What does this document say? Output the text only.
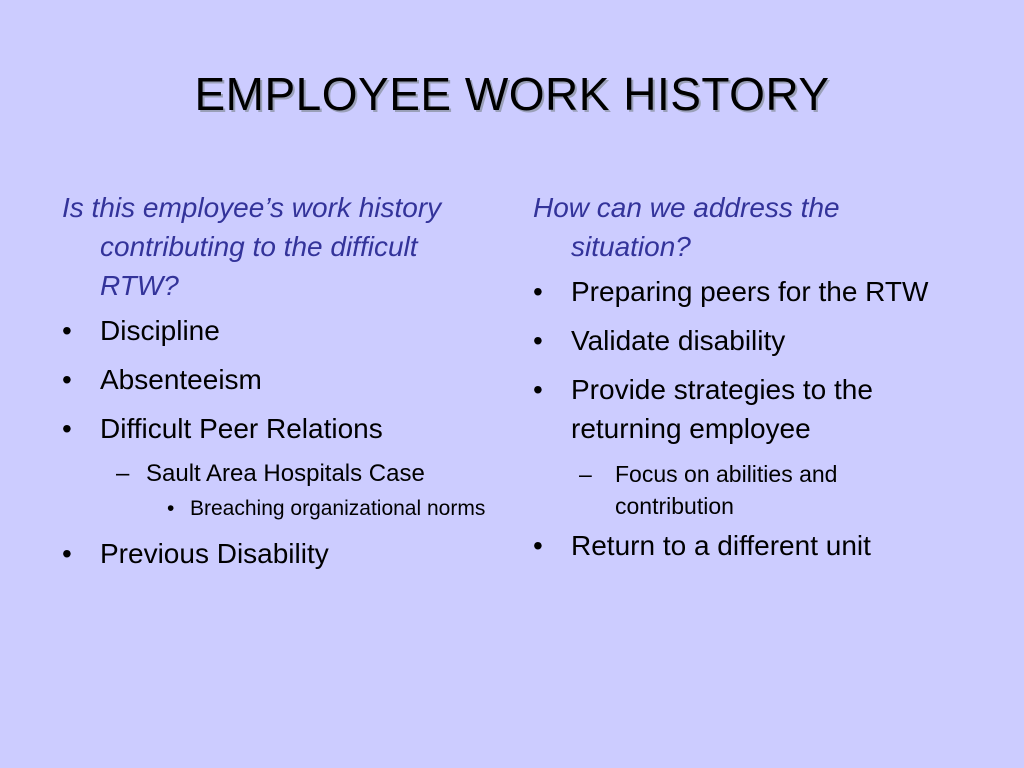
EMPLOYEE WORK HISTORY

Is this employee’s work history contributing to the difficult RTW?

• Discipline
• Absenteeism
• Difficult Peer Relations
– Sault Area Hospitals Case
• Breaching organizational norms
• Previous Disability

How can we address the situation?

• Preparing peers for the RTW
• Validate disability
• Provide strategies to the returning employee
– Focus on abilities and contribution
• Return to a different unit
